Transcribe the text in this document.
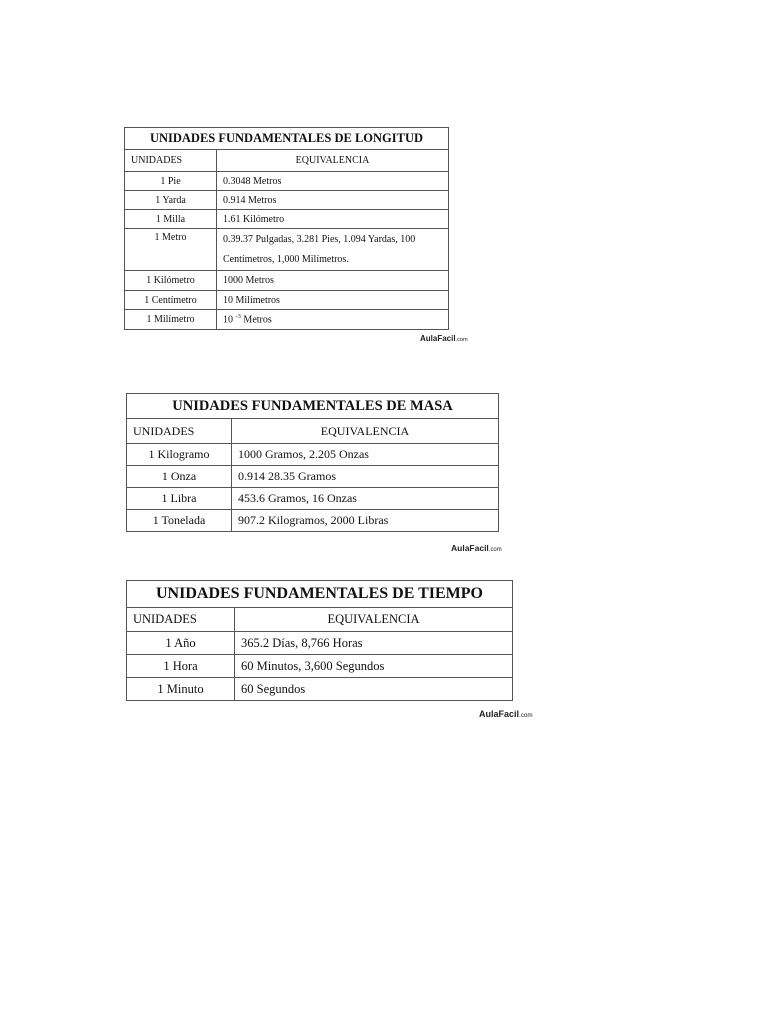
UNIDADES FUNDAMENTALES DE LONGITUD	
UNIDADES	EQUIVALENCIA
1 Pie	0.3048 Metros
1 Yarda	0.914 Metros
1 Milla	1.61 Kilómetro
1 Metro	0.39.37 Pulgadas, 3.281 Pies, 1.094 Yardas, 100 Centímetros, 1,000 Milímetros.
1 Kilómetro	1000 Metros
1 Centímetro	10 Milímetros
1 Milímetro	10 $^{-3}$ Metros
AulaFacil.com
UNIDADES FUNDAMENTALES DE MASA	
UNIDADES	EQUIVALENCIA
1 Kilogramo	1000 Gramos, 2.205 Onzas
1 Onza	0.914 28.35 Gramos
1 Libra	453.6 Gramos, 16 Onzas
1 Tonelada	907.2 Kilogramos, 2000 Libras
AulaFacil.com
UNIDADES FUNDAMENTALES DE TIEMPO	
UNIDADES	EQUIVALENCIA
1 Año	365.2 Días, 8,766 Horas
1 Hora	60 Minutos, 3,600 Segundos
1 Minuto	60 Segundos
AulaFacil.com
